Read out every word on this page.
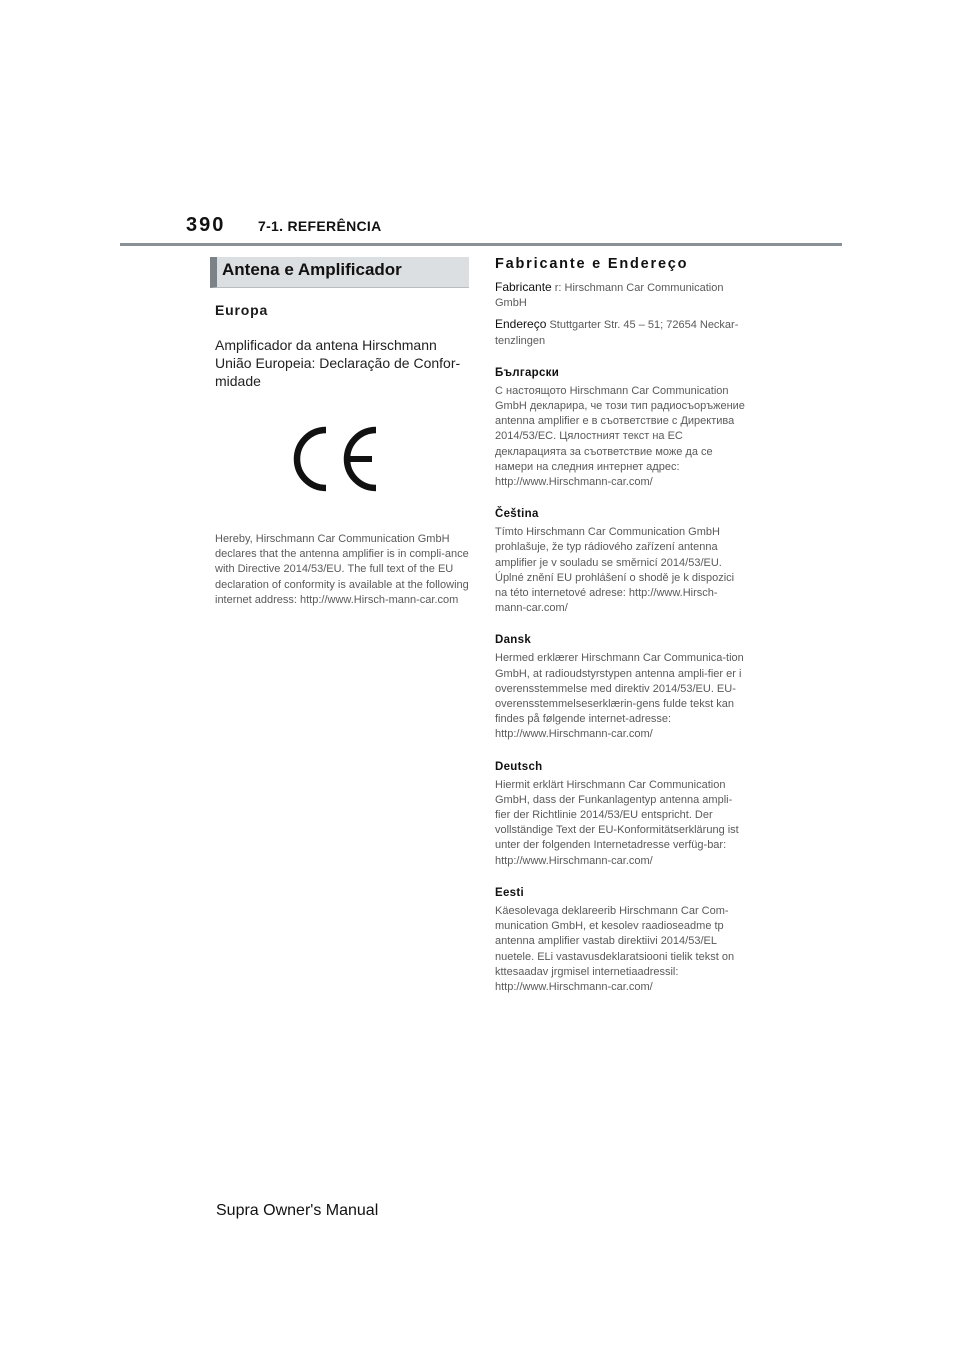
390 7-1. REFERÊNCIA
Antena e Amplificador
Europa
Amplificador da antena Hirschmann União Europeia: Declaração de Confor-midade
Hereby, Hirschmann Car Communication GmbH declares that the antenna amplifier is in compli-ance with Directive 2014/53/EU. The full text of the EU declaration of conformity is available at the following internet address: http://www.Hirsch-mann-car.com
Fabricante e Endereço
Fabricante r: Hirschmann Car Communication GmbH
Endereço Stuttgarter Str. 45 – 51; 72654 Neckar-tenzlingen
Български

С настоящото Hirschmann Car Communication GmbH декларира, че този тип радиосъоръжение antenna amplifier е в съответствие с Директива 2014/53/ЕС. Цялостният текст на ЕС декларацията за съответствие може да се намери на следния интернет адрес: http://www.Hirschmann-car.com/

Čeština

Tímto Hirschmann Car Communication GmbH prohlašuje, že typ rádiového zařízení antenna amplifier je v souladu se směrnicí 2014/53/EU. Úplné znění EU prohlášení o shodě je k dispozici na této internetové adrese: http://www.Hirsch-mann-car.com/

Dansk

Hermed erklærer Hirschmann Car Communica-tion GmbH, at radioudstyrstypen antenna ampli-fier er i overensstemmelse med direktiv 2014/53/EU. EU-overensstemmelseserklærin-gens fulde tekst kan findes på følgende internet-adresse: http://www.Hirschmann-car.com/

Deutsch

Hiermit erklärt Hirschmann Car Communication GmbH, dass der Funkanlagentyp antenna ampli-fier der Richtlinie 2014/53/EU entspricht. Der vollständige Text der EU-Konformitätserklärung ist unter der folgenden Internetadresse verfüg-bar: http://www.Hirschmann-car.com/

Eesti

Käesolevaga deklareerib Hirschmann Car Com-munication GmbH, et kesolev raadioseadme tp antenna amplifier vastab direktiivi 2014/53/EL nuetele. ELi vastavusdeklaratsiooni tielik tekst on kttesaadav jrgmisel internetiaadressil: http://www.Hirschmann-car.com/

Supra Owner's Manual
